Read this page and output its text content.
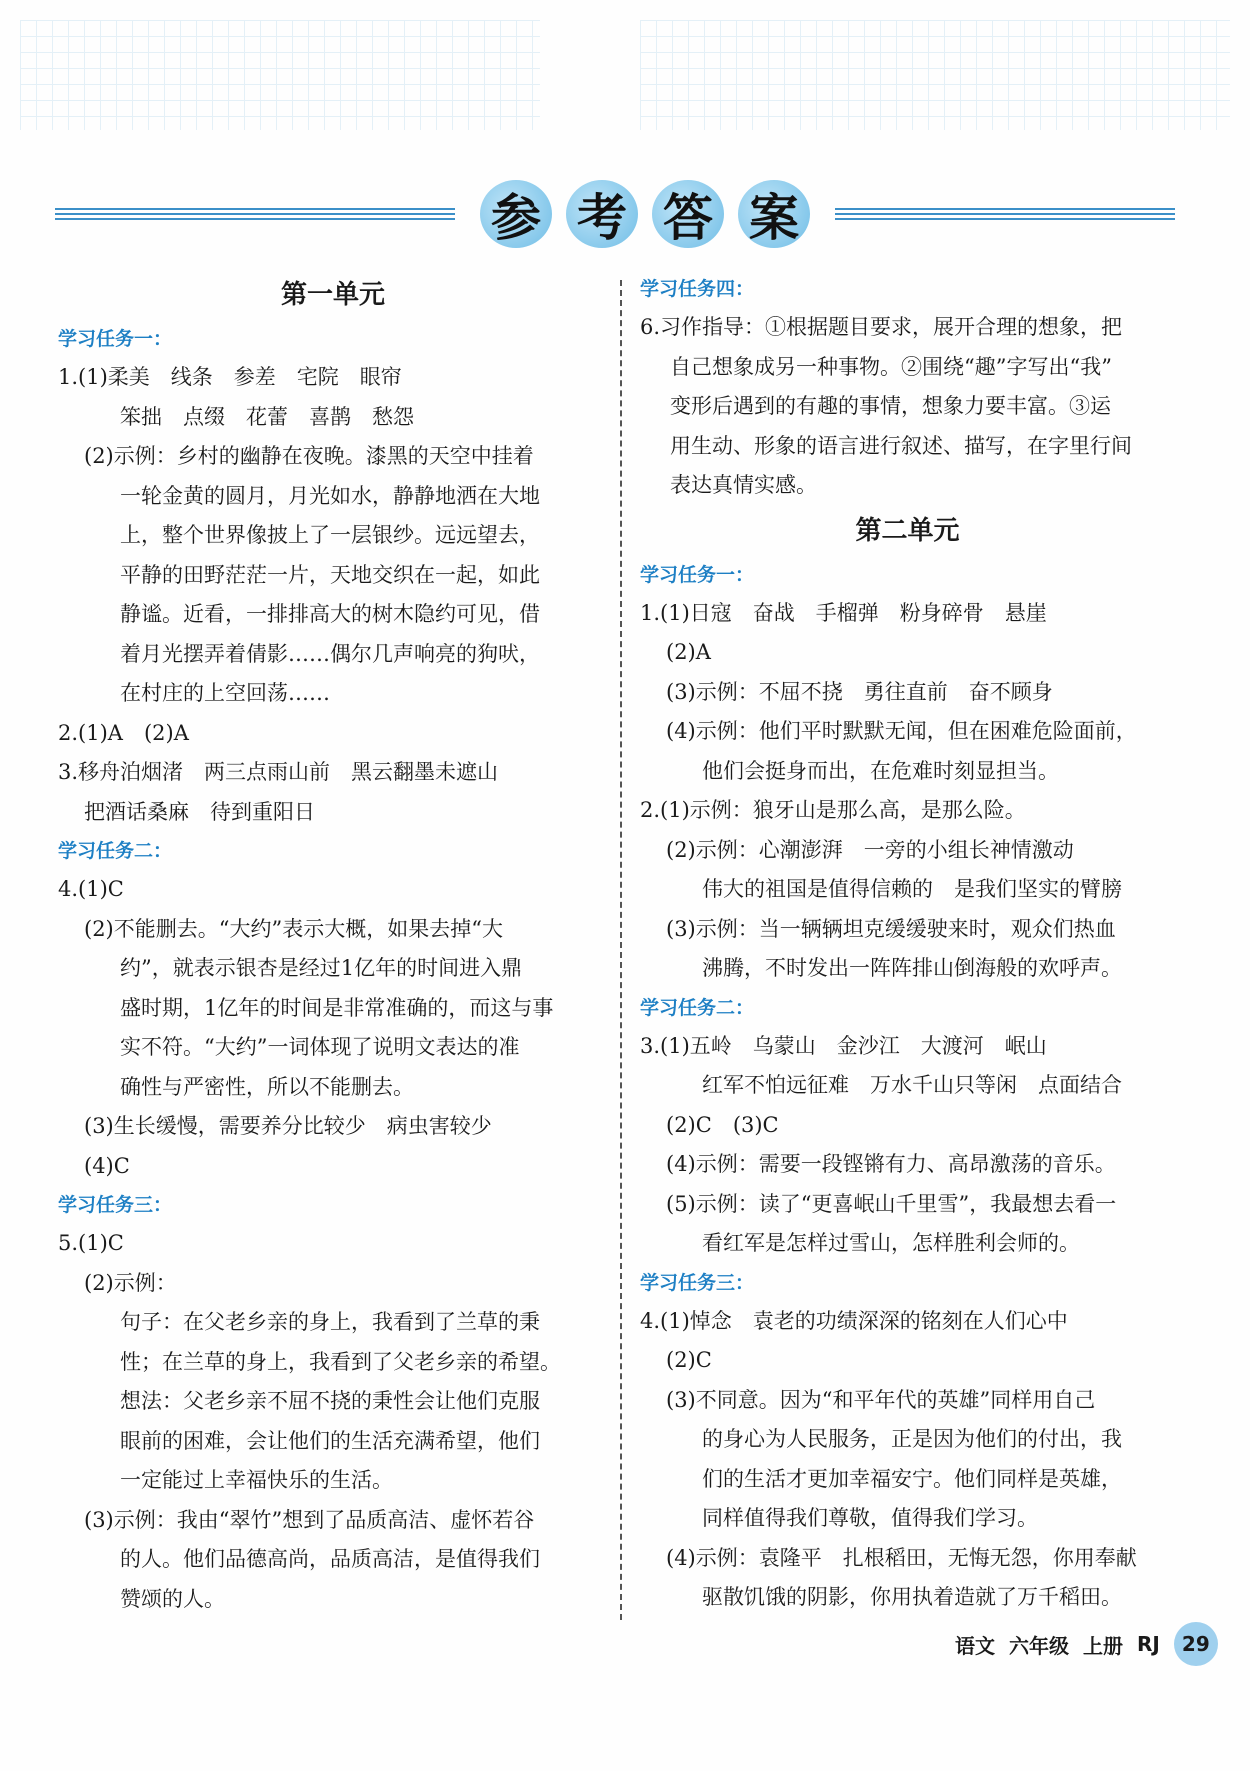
参 考 答 案
第一单元
学习任务一：
1.(1)柔美　线条　参差　宅院　眼帘
笨拙　点缀　花蕾　喜鹊　愁怨
(2)示例：乡村的幽静在夜晚。漆黑的天空中挂着
一轮金黄的圆月，月光如水，静静地洒在大地
上，整个世界像披上了一层银纱。远远望去，
平静的田野茫茫一片，天地交织在一起，如此
静谧。近看，一排排高大的树木隐约可见，借
着月光摆弄着倩影……偶尔几声响亮的狗吠，
在村庄的上空回荡……
2.(1)A　(2)A
3.移舟泊烟渚　两三点雨山前　黑云翻墨未遮山
把酒话桑麻　待到重阳日
学习任务二：
4.(1)C
(2)不能删去。“大约”表示大概，如果去掉“大
约”，就表示银杏是经过1亿年的时间进入鼎
盛时期，1亿年的时间是非常准确的，而这与事
实不符。“大约”一词体现了说明文表达的准
确性与严密性，所以不能删去。
(3)生长缓慢，需要养分比较少　病虫害较少
(4)C
学习任务三：
5.(1)C
(2)示例：
句子：在父老乡亲的身上，我看到了兰草的秉
性；在兰草的身上，我看到了父老乡亲的希望。
想法：父老乡亲不屈不挠的秉性会让他们克服
眼前的困难，会让他们的生活充满希望，他们
一定能过上幸福快乐的生活。
(3)示例：我由“翠竹”想到了品质高洁、虚怀若谷
的人。他们品德高尚，品质高洁，是值得我们
赞颂的人。
学习任务四：
6.习作指导：①根据题目要求，展开合理的想象，把
自己想象成另一种事物。②围绕“趣”字写出“我”
变形后遇到的有趣的事情，想象力要丰富。③运
用生动、形象的语言进行叙述、描写，在字里行间
表达真情实感。
第二单元
学习任务一：
1.(1)日寇　奋战　手榴弹　粉身碎骨　悬崖
(2)A
(3)示例：不屈不挠　勇往直前　奋不顾身
(4)示例：他们平时默默无闻，但在困难危险面前，
他们会挺身而出，在危难时刻显担当。
2.(1)示例：狼牙山是那么高，是那么险。
(2)示例：心潮澎湃　一旁的小组长神情激动
伟大的祖国是值得信赖的　是我们坚实的臂膀
(3)示例：当一辆辆坦克缓缓驶来时，观众们热血
沸腾，不时发出一阵阵排山倒海般的欢呼声。
学习任务二：
3.(1)五岭　乌蒙山　金沙江　大渡河　岷山
红军不怕远征难　万水千山只等闲　点面结合
(2)C　(3)C
(4)示例：需要一段铿锵有力、高昂激荡的音乐。
(5)示例：读了“更喜岷山千里雪”，我最想去看一
看红军是怎样过雪山，怎样胜利会师的。
学习任务三：
4.(1)悼念　袁老的功绩深深的铭刻在人们心中
(2)C
(3)不同意。因为“和平年代的英雄”同样用自己
的身心为人民服务，正是因为他们的付出，我
们的生活才更加幸福安宁。他们同样是英雄，
同样值得我们尊敬，值得我们学习。
(4)示例：袁隆平　扎根稻田，无悔无怨，你用奉献
驱散饥饿的阴影，你用执着造就了万千稻田。
语文 六年级 上册 RJ	29
